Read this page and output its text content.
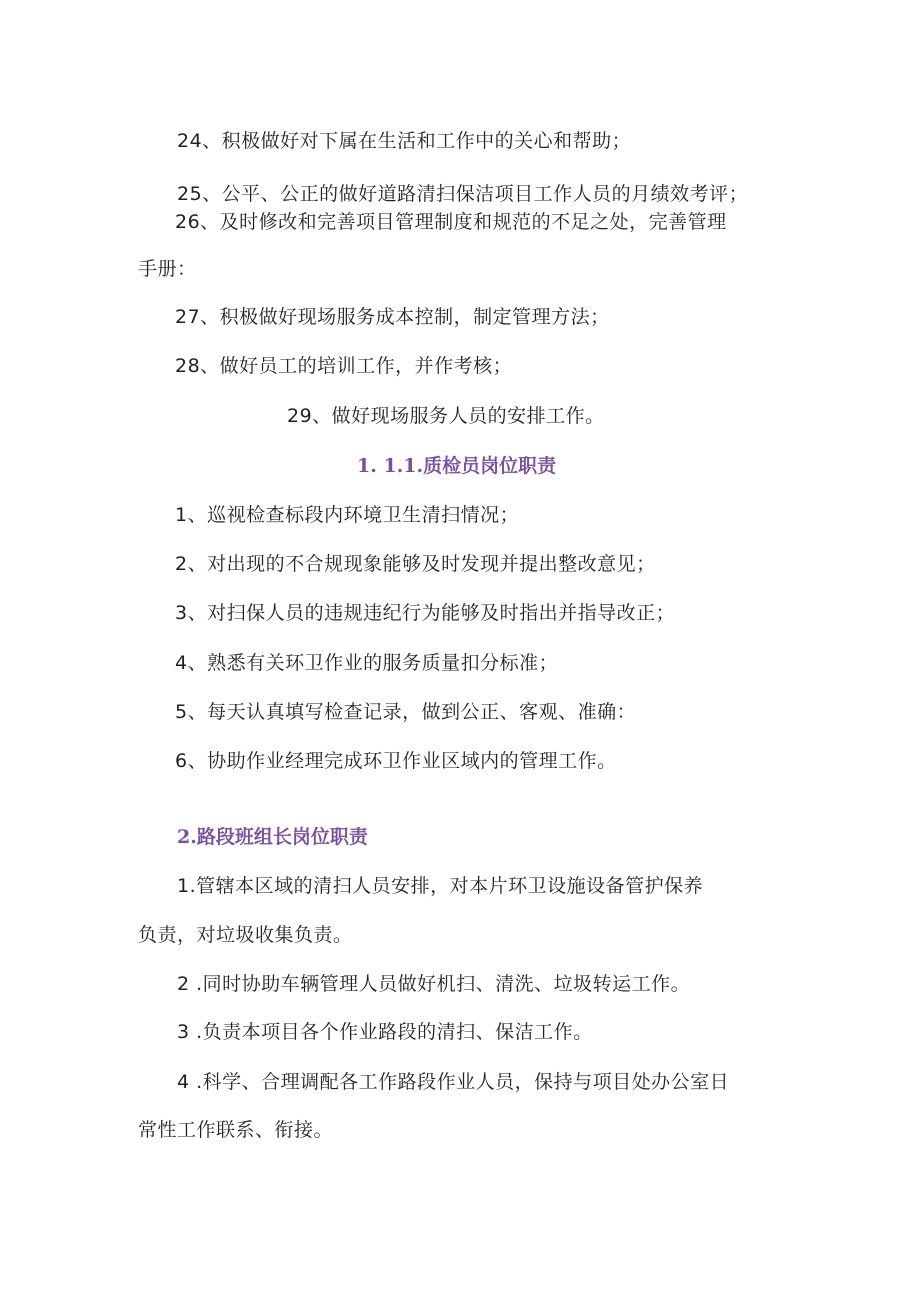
24、积极做好对下属在生活和工作中的关心和帮助；
25、公平、公正的做好道路清扫保洁项目工作人员的月绩效考评；
26、及时修改和完善项目管理制度和规范的不足之处，完善管理
手册：
27、积极做好现场服务成本控制，制定管理方法；
28、做好员工的培训工作，并作考核；
29、做好现场服务人员的安排工作。
1. 1.1.质检员岗位职责
1、巡视检查标段内环境卫生清扫情况；
2、对出现的不合规现象能够及时发现并提出整改意见；
3、对扫保人员的违规违纪行为能够及时指出并指导改正；
4、熟悉有关环卫作业的服务质量扣分标准；
5、每天认真填写检查记录，做到公正、客观、准确：
6、协助作业经理完成环卫作业区域内的管理工作。
2.路段班组长岗位职责
1.管辖本区域的清扫人员安排，对本片环卫设施设备管护保养
负责，对垃圾收集负责。
2 .同时协助车辆管理人员做好机扫、清洗、垃圾转运工作。
3 .负责本项目各个作业路段的清扫、保洁工作。
4 .科学、合理调配各工作路段作业人员，保持与项目处办公室日
常性工作联系、衔接。
